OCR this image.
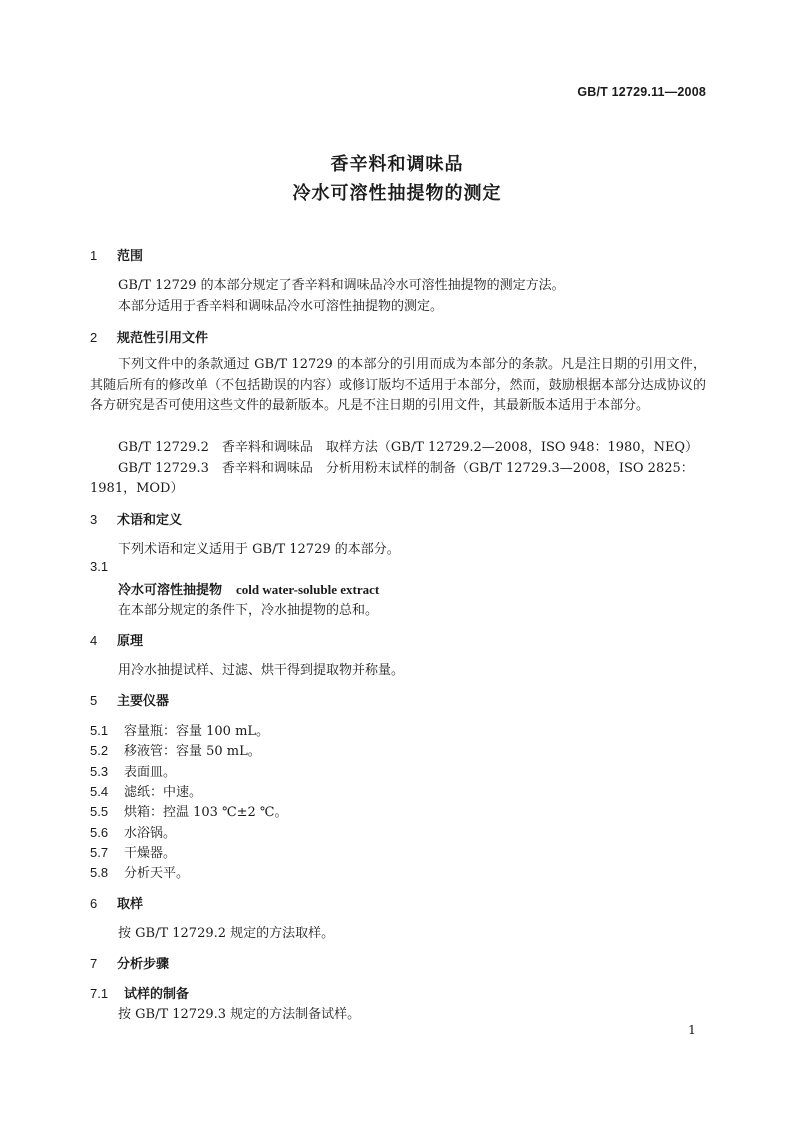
GB/T 12729.11—2008
香辛料和调味品
冷水可溶性抽提物的测定
1 范围
GB/T 12729 的本部分规定了香辛料和调味品冷水可溶性抽提物的测定方法。
本部分适用于香辛料和调味品冷水可溶性抽提物的测定。
2 规范性引用文件
下列文件中的条款通过 GB/T 12729 的本部分的引用而成为本部分的条款。凡是注日期的引用文件，其随后所有的修改单（不包括勘误的内容）或修订版均不适用于本部分，然而，鼓励根据本部分达成协议的各方研究是否可使用这些文件的最新版本。凡是不注日期的引用文件，其最新版本适用于本部分。
GB/T 12729.2　香辛料和调味品　取样方法（GB/T 12729.2—2008，ISO 948：1980，NEQ）
GB/T 12729.3　香辛料和调味品　分析用粉末试样的制备（GB/T 12729.3—2008，ISO 2825：
1981，MOD）
3 术语和定义
下列术语和定义适用于 GB/T 12729 的本部分。
3.1
冷水可溶性抽提物 cold water-soluble extract
在本部分规定的条件下，冷水抽提物的总和。
4 原理
用冷水抽提试样、过滤、烘干得到提取物并称量。
5 主要仪器
5.1 容量瓶：容量 100 mL。
5.2 移液管：容量 50 mL。
5.3 表面皿。
5.4 滤纸：中速。
5.5 烘箱：控温 103 ℃±2 ℃。
5.6 水浴锅。
5.7 干燥器。
5.8 分析天平。
6 取样
按 GB/T 12729.2 规定的方法取样。
7 分析步骤
7.1 试样的制备
按 GB/T 12729.3 规定的方法制备试样。
1
